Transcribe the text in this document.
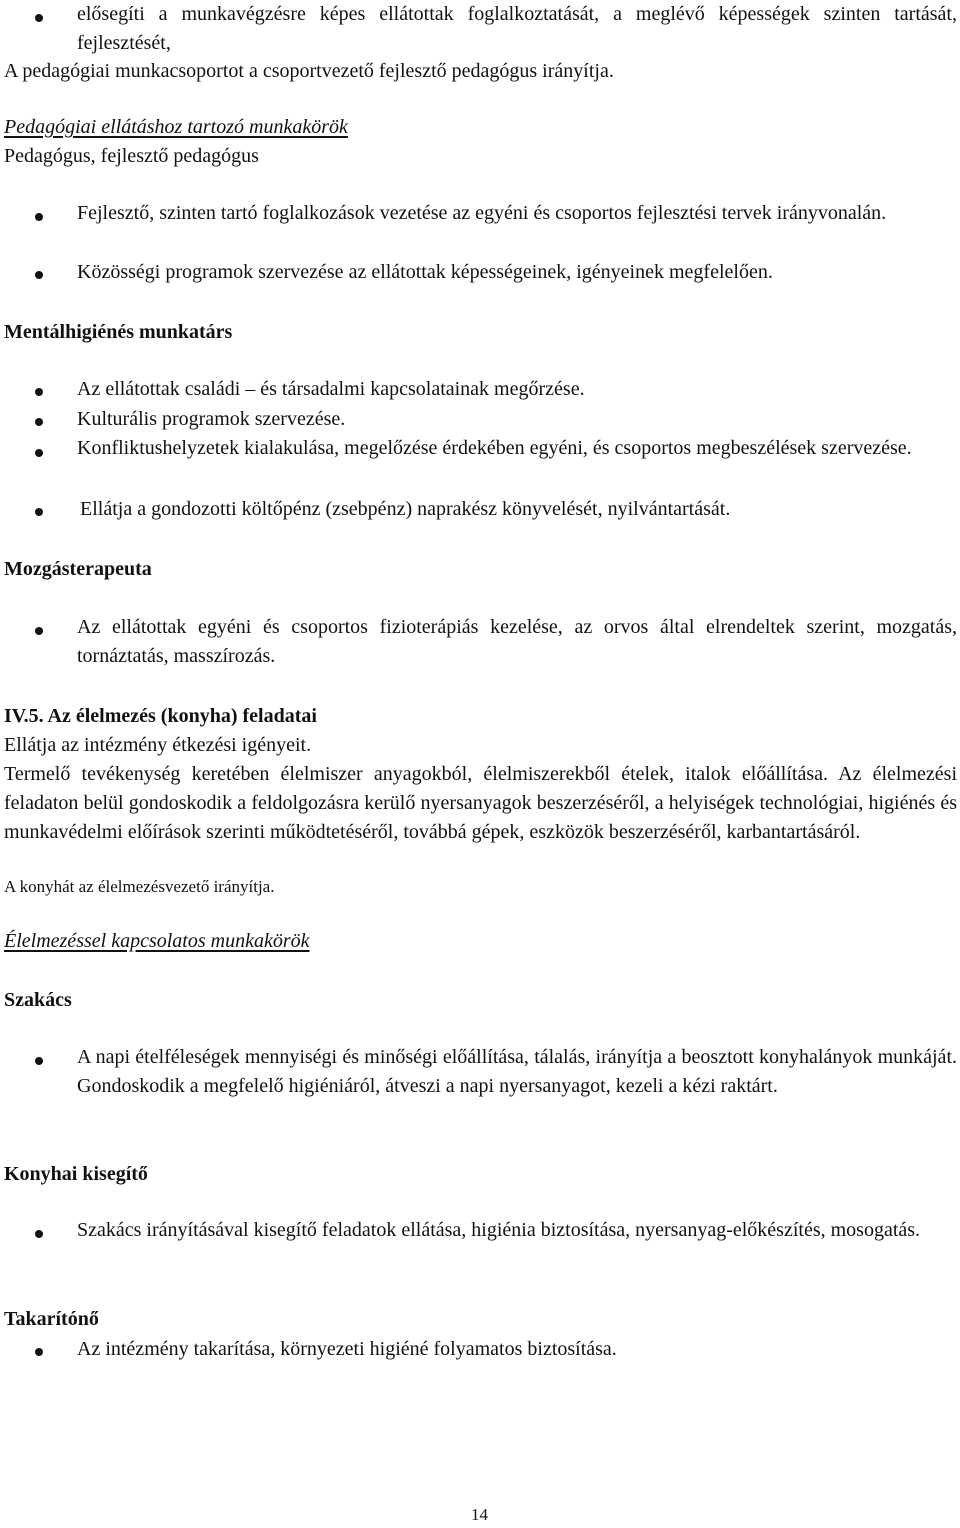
elősegíti a munkavégzésre képes ellátottak foglalkoztatását, a meglévő képességek szinten tartását, fejlesztését,
A pedagógiai munkacsoportot a csoportvezető fejlesztő pedagógus irányítja.
Pedagógiai ellátáshoz tartozó munkakörök
Pedagógus, fejlesztő pedagógus
Fejlesztő, szinten tartó foglalkozások vezetése az egyéni és csoportos fejlesztési tervek irányvonalán.
Közösségi programok szervezése az ellátottak képességeinek, igényeinek megfelelően.
Mentálhigiénés munkatárs
Az ellátottak családi – és társadalmi kapcsolatainak megőrzése.
Kulturális programok szervezése.
Konfliktushelyzetek kialakulása, megelőzése érdekében egyéni, és csoportos megbeszélések szervezése.
Ellátja a gondozotti költőpénz (zsebpénz) naprakész könyvelését, nyilvántartását.
Mozgásterapeuta
Az ellátottak egyéni és csoportos fizioterápiás kezelése, az orvos által elrendeltek szerint, mozgatás, tornáztatás, masszírozás.
IV.5. Az élelmezés (konyha) feladatai
Ellátja az intézmény étkezési igényeit.
Termelő tevékenység keretében élelmiszer anyagokból, élelmiszerekből ételek, italok előállítása. Az élelmezési feladaton belül gondoskodik a feldolgozásra kerülő nyersanyagok beszerzéséről, a helyiségek technológiai, higiénés és munkavédelmi előírások szerinti működtetéséről, továbbá gépek, eszközök beszerzéséről, karbantartásáról.
A konyhát az élelmezésvezető irányítja.
Élelmezéssel kapcsolatos munkakörök
Szakács
A napi ételféleségek mennyiségi és minőségi előállítása, tálalás, irányítja a beosztott konyhalányok munkáját. Gondoskodik a megfelelő higiéniáról, átveszi a napi nyersanyagot, kezeli a kézi raktárt.
Konyhai kisegítő
Szakács irányításával kisegítő feladatok ellátása, higiénia biztosítása, nyersanyag-előkészítés, mosogatás.
Takarítónő
Az intézmény takarítása, környezeti higiéné folyamatos biztosítása.
14
